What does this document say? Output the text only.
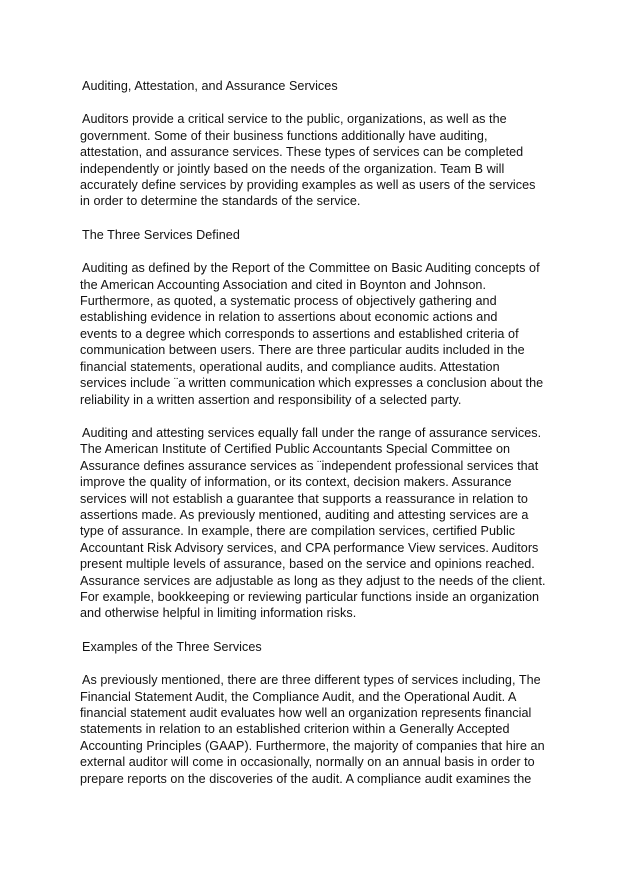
Auditing, Attestation, and Assurance Services
Auditors provide a critical service to the public, organizations, as well as the
government. Some of their business functions additionally have auditing,
attestation, and assurance services. These types of services can be completed
independently or jointly based on the needs of the organization. Team B will
accurately define services by providing examples as well as users of the services
in order to determine the standards of the service.
The Three Services Defined
Auditing as defined by the Report of the Committee on Basic Auditing concepts of
the American Accounting Association and cited in Boynton and Johnson.
Furthermore, as quoted, a systematic process of objectively gathering and
establishing evidence in relation to assertions about economic actions and
events to a degree which corresponds to assertions and established criteria of
communication between users. There are three particular audits included in the
financial statements, operational audits, and compliance audits. Attestation
services include ¨a written communication which expresses a conclusion about the
reliability in a written assertion and responsibility of a selected party.
Auditing and attesting services equally fall under the range of assurance services.
The American Institute of Certified Public Accountants Special Committee on
Assurance defines assurance services as ¨independent professional services that
improve the quality of information, or its context, decision makers. Assurance
services will not establish a guarantee that supports a reassurance in relation to
assertions made. As previously mentioned, auditing and attesting services are a
type of assurance. In example, there are compilation services, certified Public
Accountant Risk Advisory services, and CPA performance View services. Auditors
present multiple levels of assurance, based on the service and opinions reached.
Assurance services are adjustable as long as they adjust to the needs of the client.
For example, bookkeeping or reviewing particular functions inside an organization
and otherwise helpful in limiting information risks.
Examples of the Three Services
As previously mentioned, there are three different types of services including, The
Financial Statement Audit, the Compliance Audit, and the Operational Audit. A
financial statement audit evaluates how well an organization represents financial
statements in relation to an established criterion within a Generally Accepted
Accounting Principles (GAAP). Furthermore, the majority of companies that hire an
external auditor will come in occasionally, normally on an annual basis in order to
prepare reports on the discoveries of the audit. A compliance audit examines the
